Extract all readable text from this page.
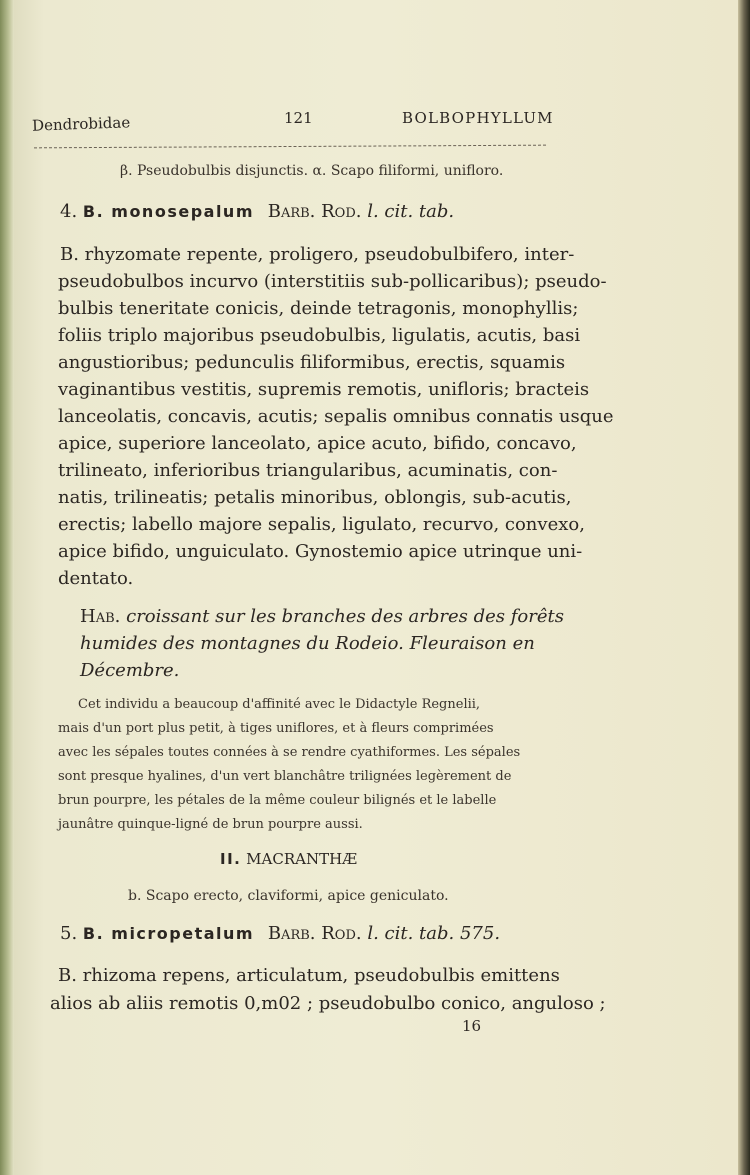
Dendrobidae	121	BOLBOPHYLLUM
β. Pseudobulbis disjunctis. α. Scapo filiformi, unifloro.
4. B. monosepalum Barb. Rod. l. cit. tab.
B. rhyzomate repente, proligero, pseudobulbifero, inter-
pseudobulbos incurvo (interstitiis sub-pollicaribus); pseudo-
bulbis teneritate conicis, deinde tetragonis, monophyllis;
foliis triplo majoribus pseudobulbis, ligulatis, acutis, basi
angustioribus; pedunculis filiformibus, erectis, squamis
vaginantibus vestitis, supremis remotis, unifloris; bracteis
lanceolatis, concavis, acutis; sepalis omnibus connatis usque
apice, superiore lanceolato, apice acuto, bifido, concavo,
trilineato, inferioribus triangularibus, acuminatis, con-
natis, trilineatis; petalis minoribus, oblongis, sub-acutis,
erectis; labello majore sepalis, ligulato, recurvo, convexo,
apice bifido, unguiculato. Gynostemio apice utrinque uni-
dentato.
Hab. croissant sur les branches des arbres des forêts
humides des montagnes du Rodeio. Fleuraison en
Décembre.
Cet individu a beaucoup d'affinité avec le Didactyle Regnelii,
mais d'un port plus petit, à tiges uniflores, et à fleurs comprimées
avec les sépales toutes connées à se rendre cyathiformes. Les sépales
sont presque hyalines, d'un vert blanchâtre trilignées legèrement de
brun pourpre, les pétales de la même couleur bilignés et le labelle
jaunâtre quinque-ligné de brun pourpre aussi.
II. MACRANTHÆ
b. Scapo erecto, claviformi, apice geniculato.
5. B. micropetalum Barb. Rod. l. cit. tab. 575.
B. rhizoma repens, articulatum, pseudobulbis emittens
alios ab aliis remotis 0,m02 ; pseudobulbo conico, anguloso ;
16
